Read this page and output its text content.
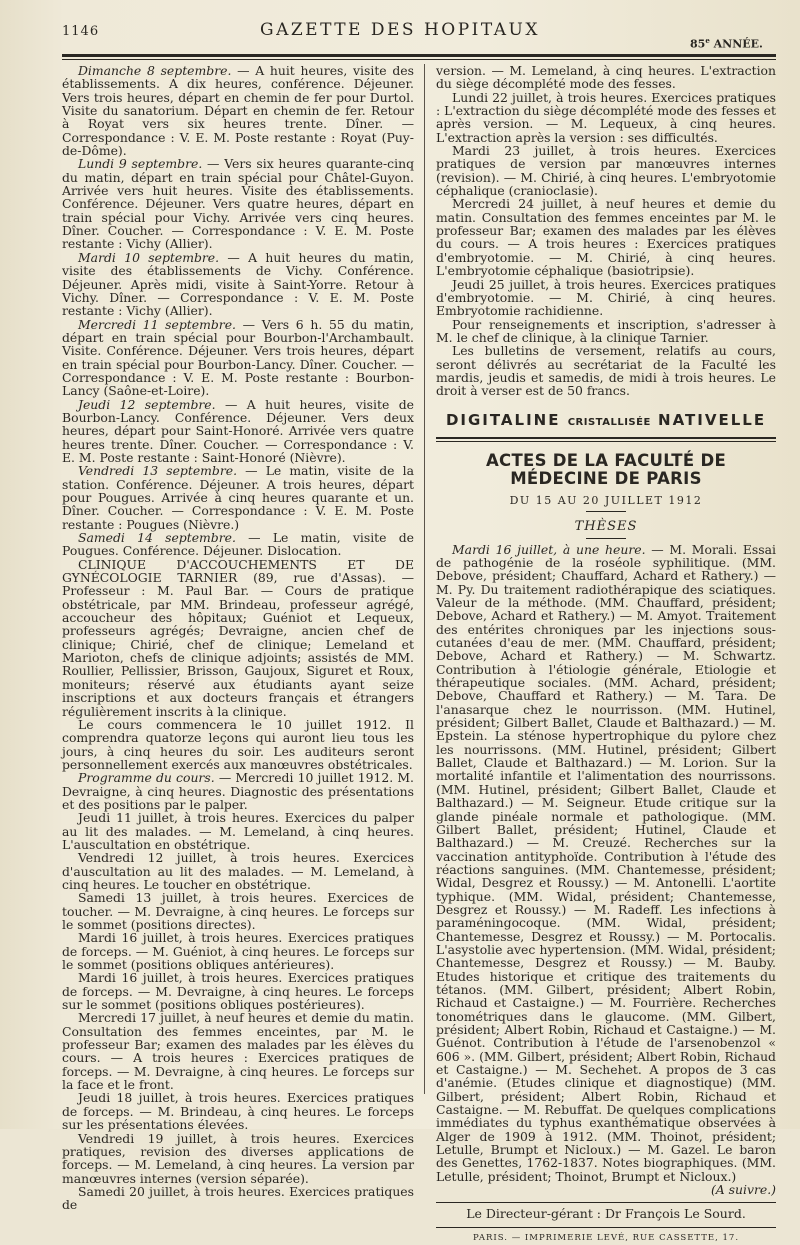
1146	GAZETTE DES HOPITAUX
85e ANNÉE.

Dimanche 8 septembre. — A huit heures, visite des établissements. A dix heures, conférence. Déjeuner. Vers trois heures, départ en chemin de fer pour Durtol. Visite du sanatorium. Départ en chemin de fer. Retour à Royat vers six heures trente. Dîner. — Correspondance : V. E. M. Poste restante : Royat (Puy-de-Dôme).

Lundi 9 septembre. — Vers six heures quarante-cinq du matin, départ en train spécial pour Châtel-Guyon. Arrivée vers huit heures. Visite des établissements. Conférence. Déjeuner. Vers quatre heures, départ en train spécial pour Vichy. Arrivée vers cinq heures. Dîner. Coucher. — Correspondance : V. E. M. Poste restante : Vichy (Allier).

Mardi 10 septembre. — A huit heures du matin, visite des établissements de Vichy. Conférence. Déjeuner. Après midi, visite à Saint-Yorre. Retour à Vichy. Dîner. — Correspondance : V. E. M. Poste restante : Vichy (Allier).

Mercredi 11 septembre. — Vers 6 h. 55 du matin, départ en train spécial pour Bourbon-l'Archambault. Visite. Conférence. Déjeuner. Vers trois heures, départ en train spécial pour Bourbon-Lancy. Dîner. Coucher. — Correspondance : V. E. M. Poste restante : Bourbon-Lancy (Saône-et-Loire).

Jeudi 12 septembre. — A huit heures, visite de Bourbon-Lancy. Conférence. Déjeuner. Vers deux heures, départ pour Saint-Honoré. Arrivée vers quatre heures trente. Dîner. Coucher. — Correspondance : V. E. M. Poste restante : Saint-Honoré (Nièvre).

Vendredi 13 septembre. — Le matin, visite de la station. Conférence. Déjeuner. A trois heures, départ pour Pougues. Arrivée à cinq heures quarante et un. Dîner. Coucher. — Correspondance : V. E. M. Poste restante : Pougues (Nièvre.)

Samedi 14 septembre. — Le matin, visite de Pougues. Conférence. Déjeuner. Dislocation.

CLINIQUE D'ACCOUCHEMENTS ET DE GYNÉCOLOGIE TARNIER (89, rue d'Assas). — Professeur : M. Paul Bar. — Cours de pratique obstétricale, par MM. Brindeau, professeur agrégé, accoucheur des hôpitaux; Guéniot et Lequeux, professeurs agrégés; Devraigne, ancien chef de clinique; Chirié, chef de clinique; Lemeland et Marioton, chefs de clinique adjoints; assistés de MM. Roullier, Pellissier, Brisson, Gaujoux, Siguret et Roux, moniteurs; réservé aux étudiants ayant seize inscriptions et aux docteurs français et étrangers régulièrement inscrits à la clinique.

Le cours commencera le 10 juillet 1912. Il comprendra quatorze leçons qui auront lieu tous les jours, à cinq heures du soir. Les auditeurs seront personnellement exercés aux manœuvres obstétricales.

Programme du cours. — Mercredi 10 juillet 1912. M. Devraigne, à cinq heures. Diagnostic des présentations et des positions par le palper.

Jeudi 11 juillet, à trois heures. Exercices du palper au lit des malades. — M. Lemeland, à cinq heures. L'auscultation en obstétrique.

Vendredi 12 juillet, à trois heures. Exercices d'auscultation au lit des malades. — M. Lemeland, à cinq heures. Le toucher en obstétrique.

Samedi 13 juillet, à trois heures. Exercices de toucher. — M. Devraigne, à cinq heures. Le forceps sur le sommet (positions directes).

Mardi 16 juillet, à trois heures. Exercices pratiques de forceps. — M. Guéniot, à cinq heures. Le forceps sur le sommet (positions obliques antérieures).

Mardi 16 juillet, à trois heures. Exercices pratiques de forceps. — M. Devraigne, à cinq heures. Le forceps sur le sommet (positions obliques postérieures).

Mercredi 17 juillet, à neuf heures et demie du matin. Consultation des femmes enceintes, par M. le professeur Bar; examen des malades par les élèves du cours. — A trois heures : Exercices pratiques de forceps. — M. Devraigne, à cinq heures. Le forceps sur la face et le front.

Jeudi 18 juillet, à trois heures. Exercices pratiques de forceps. — M. Brindeau, à cinq heures. Le forceps sur les présentations élevées.

Vendredi 19 juillet, à trois heures. Exercices pratiques, revision des diverses applications de forceps. — M. Lemeland, à cinq heures. La version par manœuvres internes (version séparée).

Samedi 20 juillet, à trois heures. Exercices pratiques de

version. — M. Lemeland, à cinq heures. L'extraction du siège décomplété mode des fesses.

Lundi 22 juillet, à trois heures. Exercices pratiques : L'extraction du siège décomplété mode des fesses et après version. — M. Lequeux, à cinq heures. L'extraction après la version : ses difficultés.

Mardi 23 juillet, à trois heures. Exercices pratiques de version par manœuvres internes (revision). — M. Chirié, à cinq heures. L'embryotomie céphalique (cranioclasie).

Mercredi 24 juillet, à neuf heures et demie du matin. Consultation des femmes enceintes par M. le professeur Bar; examen des malades par les élèves du cours. — A trois heures : Exercices pratiques d'embryotomie. — M. Chirié, à cinq heures. L'embryotomie céphalique (basiotripsie).

Jeudi 25 juillet, à trois heures. Exercices pratiques d'embryotomie. — M. Chirié, à cinq heures. Embryotomie rachidienne.

Pour renseignements et inscription, s'adresser à M. le chef de clinique, à la clinique Tarnier.

Les bulletins de versement, relatifs au cours, seront délivrés au secrétariat de la Faculté les mardis, jeudis et samedis, de midi à trois heures. Le droit à verser est de 50 francs.

DIGITALINE CRISTALLISÉE NATIVELLE
ACTES DE LA FACULTÉ DE MÉDECINE DE PARIS
DU 15 AU 20 JUILLET 1912
THÈSES

Mardi 16 juillet, à une heure. — M. Morali. Essai de pathogénie de la roséole syphilitique. (MM. Debove, président; Chauffard, Achard et Rathery.) — M. Py. Du traitement radiothérapique des sciatiques. Valeur de la méthode. (MM. Chauffard, président; Debove, Achard et Rathery.) — M. Amyot. Traitement des entérites chroniques par les injections sous-cutanées d'eau de mer. (MM. Chauffard, président; Debove, Achard et Rathery.) — M. Schwartz. Contribution à l'étiologie générale, Etiologie et thérapeutique sociales. (MM. Achard, président; Debove, Chauffard et Rathery.) — M. Tara. De l'anasarque chez le nourrisson. (MM. Hutinel, président; Gilbert Ballet, Claude et Balthazard.) — M. Epstein. La sténose hypertrophique du pylore chez les nourrissons. (MM. Hutinel, président; Gilbert Ballet, Claude et Balthazard.) — M. Lorion. Sur la mortalité infantile et l'alimentation des nourrissons. (MM. Hutinel, président; Gilbert Ballet, Claude et Balthazard.) — M. Seigneur. Etude critique sur la glande pinéale normale et pathologique. (MM. Gilbert Ballet, président; Hutinel, Claude et Balthazard.) — M. Creuzé. Recherches sur la vaccination antityphoïde. Contribution à l'étude des réactions sanguines. (MM. Chantemesse, président; Widal, Desgrez et Roussy.) — M. Antonelli. L'aortite typhique. (MM. Widal, président; Chantemesse, Desgrez et Roussy.) — M. Radeff. Les infections à paraméningocoque. (MM. Widal, président; Chantemesse, Desgrez et Roussy.) — M. Portocalis. L'asystolie avec hypertension. (MM. Widal, président; Chantemesse, Desgrez et Roussy.) — M. Bauby. Etudes historique et critique des traitements du tétanos. (MM. Gilbert, président; Albert Robin, Richaud et Castaigne.) — M. Fourrière. Recherches tonométriques dans le glaucome. (MM. Gilbert, président; Albert Robin, Richaud et Castaigne.) — M. Guénot. Contribution à l'étude de l'arsenobenzol « 606 ». (MM. Gilbert, président; Albert Robin, Richaud et Castaigne.) — M. Sechehet. A propos de 3 cas d'anémie. (Etudes clinique et diagnostique) (MM. Gilbert, président; Albert Robin, Richaud et Castaigne. — M. Rebuffat. De quelques complications immédiates du typhus exanthématique observées à Alger de 1909 à 1912. (MM. Thoinot, président; Letulle, Brumpt et Nicloux.) — M. Gazel. Le baron des Genettes, 1762-1837. Notes biographiques. (MM. Letulle, président; Thoinot, Brumpt et Nicloux.)

(A suivre.)
Le Directeur-gérant : Dr François Le Sourd.
PARIS. — IMPRIMERIE LEVÉ, RUE CASSETTE, 17.
